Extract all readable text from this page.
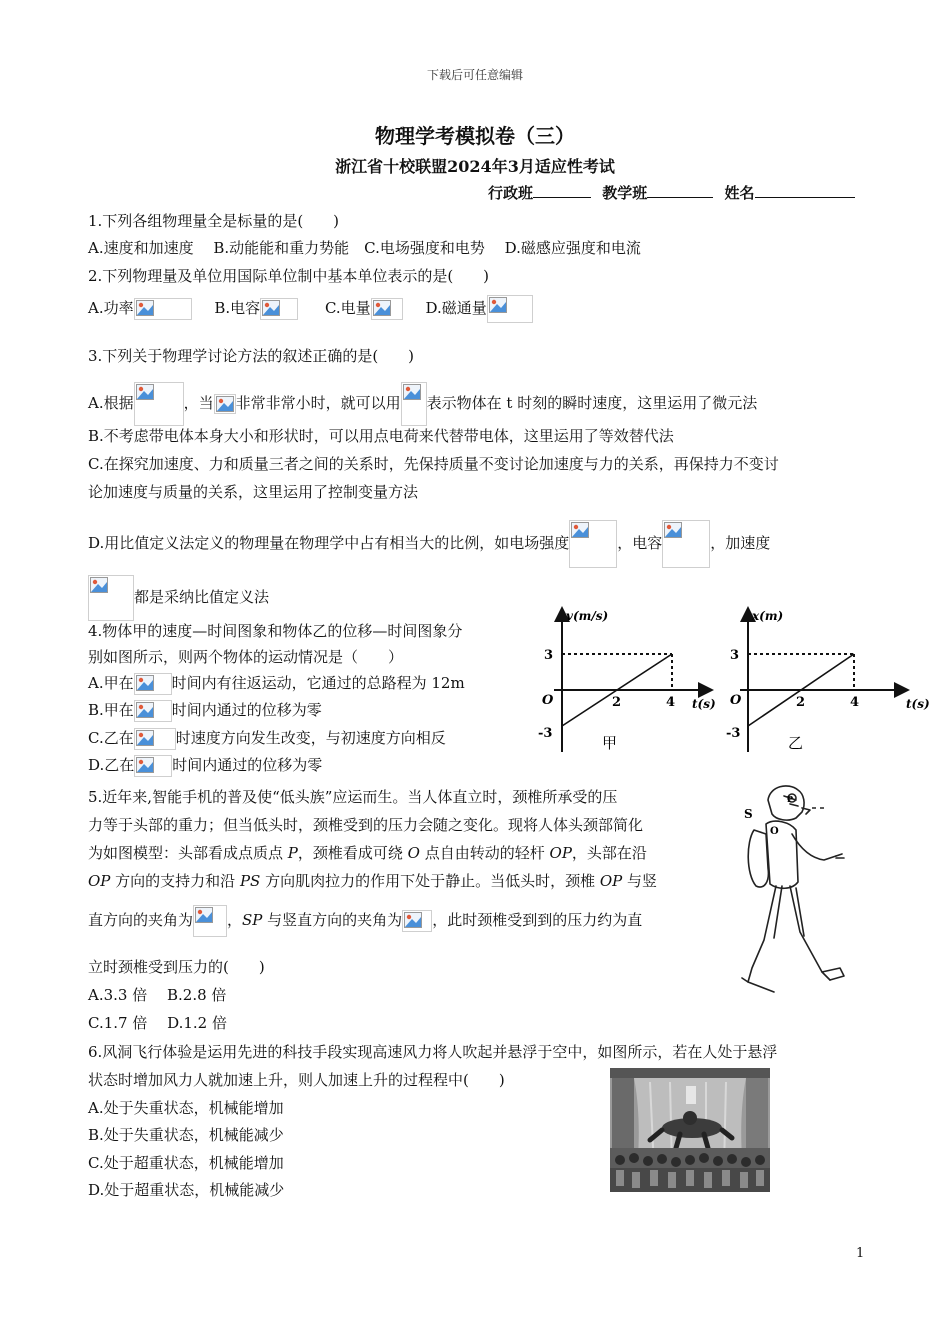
下载后可任意编辑
物理学考模拟卷（三）
浙江省十校联盟2024年3月适应性考试
行政班	教学班	姓名
1.下列各组物理量全是标量的是(　　)
A.速度和加速度　 B.动能能和重力势能　C.电场强度和电势　 D.磁感应强度和电流
2.下列物理量及单位用国际单位制中基本单位表示的是(　　)
A.功率	B.电容	C.电量	D.磁通量
3.下列关于物理学讨论方法的叙述正确的是(　　)
A.根据	，当 非常非常小时，就可以用 表示物体在 t 时刻的瞬时速度，这里运用了微元法
B.不考虑带电体本身大小和形状时，可以用点电荷来代替带电体，这里运用了等效替代法
C.在探究加速度、力和质量三者之间的关系时，先保持质量不变讨论加速度与力的关系，再保持力不变讨
论加速度与质量的关系，这里运用了控制变量方法
D.用比值定义法定义的物理量在物理学中占有相当大的比例，如电场强度	，电容	，加速度
都是采纳比值定义法
4.物体甲的速度—时间图象和物体乙的位移—时间图象分
别如图所示，则两个物体的运动情况是（　　）
A.甲在	时间内有往返运动，它通过的总路程为 12m
B.甲在	时间内通过的位移为零
C.乙在	时速度方向发生改变，与初速度方向相反
D.乙在	时间内通过的位移为零
v(m/s)
t(s)
3
-3
O	2	4
甲
x(m)
t(s)
3
-3
O	2	4
乙
5.近年来,智能手机的普及使“低头族”应运而生。当人体直立时，颈椎所承受的压
力等于头部的重力；但当低头时，颈椎受到的压力会随之变化。现将人体头颈部简化
为如图模型：头部看成点质点 P，颈椎看成可绕 O 点自由转动的轻杆 OP，头部在沿
OP 方向的支持力和沿 PS 方向肌肉拉力的作用下处于静止。当低头时，颈椎 OP 与竖
直方向的夹角为 ，SP 与竖直方向的夹角为 ，此时颈椎受到到的压力约为直
立时颈椎受到压力的(　　)
A.3.3 倍　 B.2.8 倍
C.1.7 倍　 D.1.2 倍
S
P
O
6.风洞飞行体验是运用先进的科技手段实现高速风力将人吹起并悬浮于空中，如图所示，若在人处于悬浮
状态时增加风力人就加速上升，则人加速上升的过程程中(　　)
A.处于失重状态，机械能增加
B.处于失重状态，机械能减少
C.处于超重状态，机械能增加
D.处于超重状态，机械能减少
1
